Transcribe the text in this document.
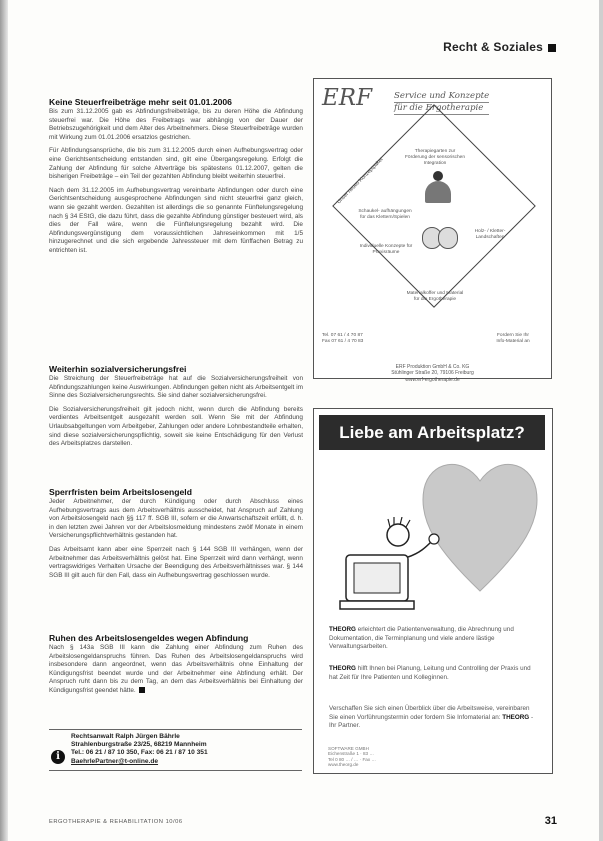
Recht & Soziales
Keine Steuerfreibeträge mehr seit 01.01.2006

Bis zum 31.12.2005 gab es Abfindungsfreibeträge, bis zu deren Höhe die Abfindung steuerfrei war. Die Höhe des Freibetrags war abhängig von der Dauer der Betriebszugehörigkeit und dem Alter des Arbeitnehmers. Diese Steuerfreibeträge wurden mit Wirkung zum 01.01.2006 ersatzlos gestrichen.

Für Abfindungsansprüche, die bis zum 31.12.2005 durch einen Aufhebungsvertrag oder eine Gerichtsentscheidung entstanden sind, gilt eine Übergangsregelung. Erfolgt die Zahlung der Abfindung für solche Altverträge bis spätestens 01.12.2007, gelten die bisherigen Freibeträge – ein Teil der gezahlten Abfindung bleibt weiterhin steuerfrei.

Nach dem 31.12.2005 im Aufhebungsvertrag vereinbarte Abfindungen oder durch eine Gerichtsentscheidung ausgesprochene Abfindungen sind nicht steuerfrei ganz gleich, wann sie gezahlt werden. Gezahlten ist allerdings die so genannte Fünftelungsregelung nach § 34 EStG, die dazu führt, dass die gezahlte Abfindung günstiger besteuert wird, als dies der Fall wäre, wenn die Fünftelungsregelung bezahlt wird. Die Abfindungsvergünstigung dem voraussichtlichen Jahreseinkommen mit 1/5 hinzugerechnet und die sich ergebende Jahressteuer mit dem fünffachen Betrag zu entrichten ist.

Weiterhin sozialversicherungsfrei

Die Streichung der Steuerfreibeträge hat auf die Sozialversicherungsfreiheit von Abfindungszahlungen keine Auswirkungen. Abfindungen gelten nicht als Arbeitsentgelt im Sinne des Sozialversicherungsrechts. Sie sind daher sozialversicherungsfrei.

Die Sozialversicherungsfreiheit gilt jedoch nicht, wenn durch die Abfindung bereits verdientes Arbeitsentgelt ausgezahlt werden soll. Wenn Sie mit der Abfindung Urlaubsabgeltungen vom Arbeitgeber, Zahlungen oder andere Lohnbestandteile erhalten, sind diese sozialversicherungspflichtig, soweit sie keine Entschädigung für den Verlust des Arbeitsplatzes darstellen.

Sperrfristen beim Arbeitslosengeld

Jeder Arbeitnehmer, der durch Kündigung oder durch Abschluss eines Aufhebungsvertrags aus dem Arbeitsverhältnis ausscheidet, hat Anspruch auf Zahlung von Arbeitslosengeld nach §§ 117 ff. SGB III, sofern er die Anwartschaftszeit erfüllt, d. h. in den letzten zwei Jahren vor der Arbeitslosmeldung mindestens zwölf Monate in einem Versicherungspflichtverhältnis gestanden hat.

Das Arbeitsamt kann aber eine Sperrzeit nach § 144 SGB III verhängen, wenn der Arbeitnehmer das Arbeitsverhältnis gelöst hat. Eine Sperrzeit wird dann verhängt, wenn vertragswidriges Verhalten Ursache der Beendigung des Arbeitsverhältnisses war. § 144 SGB III gilt auch für den Fall, dass ein Aufhebungsvertrag geschlossen wurde.

Ruhen des Arbeitslosengeldes wegen Abfindung

Nach § 143a SGB III kann die Zahlung einer Abfindung zum Ruhen des Arbeitslosengeldanspruchs führen. Das Ruhen des Arbeitslosengeldanspruchs wird insbesondere dann angeordnet, wenn das Arbeitsverhältnis ohne Einhaltung der Kündigungsfrist beendet wurde und der Arbeitnehmer eine Abfindung erhält. Der Anspruch ruht dann bis zu dem Tag, an dem das Arbeitsverhältnis bei Einhaltung der Kündigungsfrist geendet hätte.

i
Rechtsanwalt Ralph Jürgen Bährle
Strahlenburgstraße 23/25, 68219 Mannheim
Tel.: 06 21 / 87 10 350, Fax: 06 21 / 87 10 351
BaehrlePartner@t-online.de
ERF	Service und Konzepte
für die Ergotherapie
Unser neues Konzeptpaket
Therapiegarten zur Förderung der sensorischen Integration
Schaukel- aufhängungen für das Klettern/Spielen
Holz- / Kletter- Landschaften
Individuelle Konzepte für Praxisräume
Materialkoffer und Material für die Ergotherapie
Tel. 07 61 / 4 70 87
Fax 07 61 / 4 70 83
Fordern Sie Ihr
Info-Material an
ERF Produktion GmbH & Co. KG
Stühlinger Straße 20, 79106 Freiburg
www.erf-ergotherapie.de
Liebe am Arbeitsplatz?
THEORG erleichtert die Patientenverwaltung, die Abrechnung und Dokumentation, die Terminplanung und viele andere lästige Verwaltungsarbeiten.
THEORG hilft Ihnen bei Planung, Leitung und Controlling der Praxis und hat Zeit für Ihre Patienten und Kolleginnen.
Verschaffen Sie sich einen Überblick über die Arbeitsweise, vereinbaren Sie einen Vorführungstermin oder fordern Sie Infomaterial an: THEORG - Ihr Partner.
SOFTWARE GMBH
Eichenstraße 1 · 83 …
Tel 0 80 … / … · Fax …
www.theorg.de
ERGOTHERAPIE & REHABILITATION 10/06	31
